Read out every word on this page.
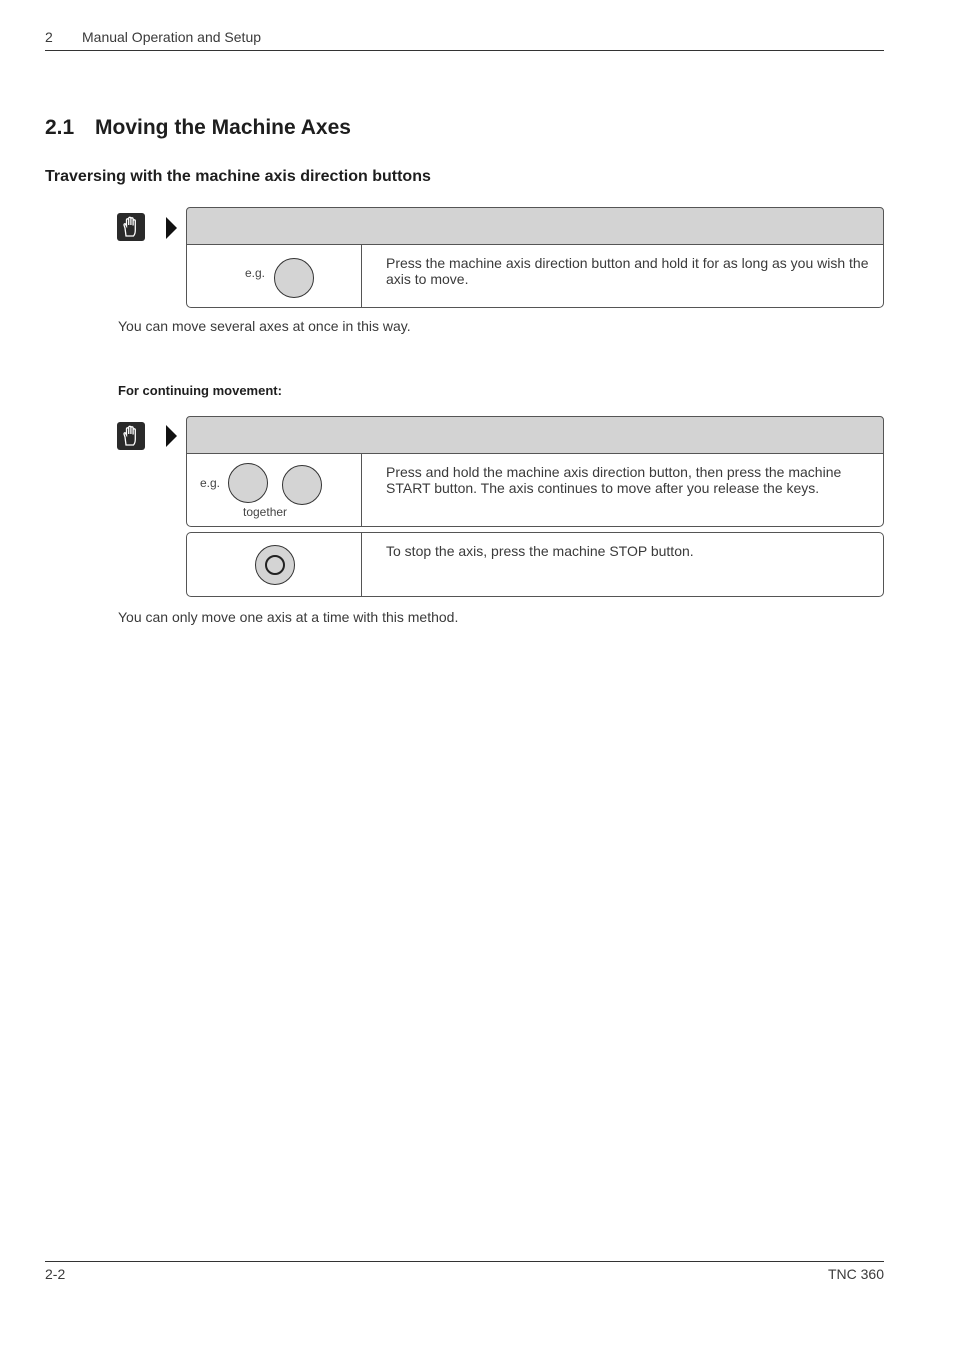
2 Manual Operation and Setup
2.1 Moving the Machine Axes
Traversing with the machine axis direction buttons
e.g.
Press the machine axis direction button and hold it for as long as you wish the axis to move.
You can move several axes at once in this way.
For continuing movement:
e.g.
together
Press and hold the machine axis direction button, then press the machine START button. The axis continues to move after you release the keys.
To stop the axis, press the machine STOP button.
You can only move one axis at a time with this method.
2-2	TNC 360
